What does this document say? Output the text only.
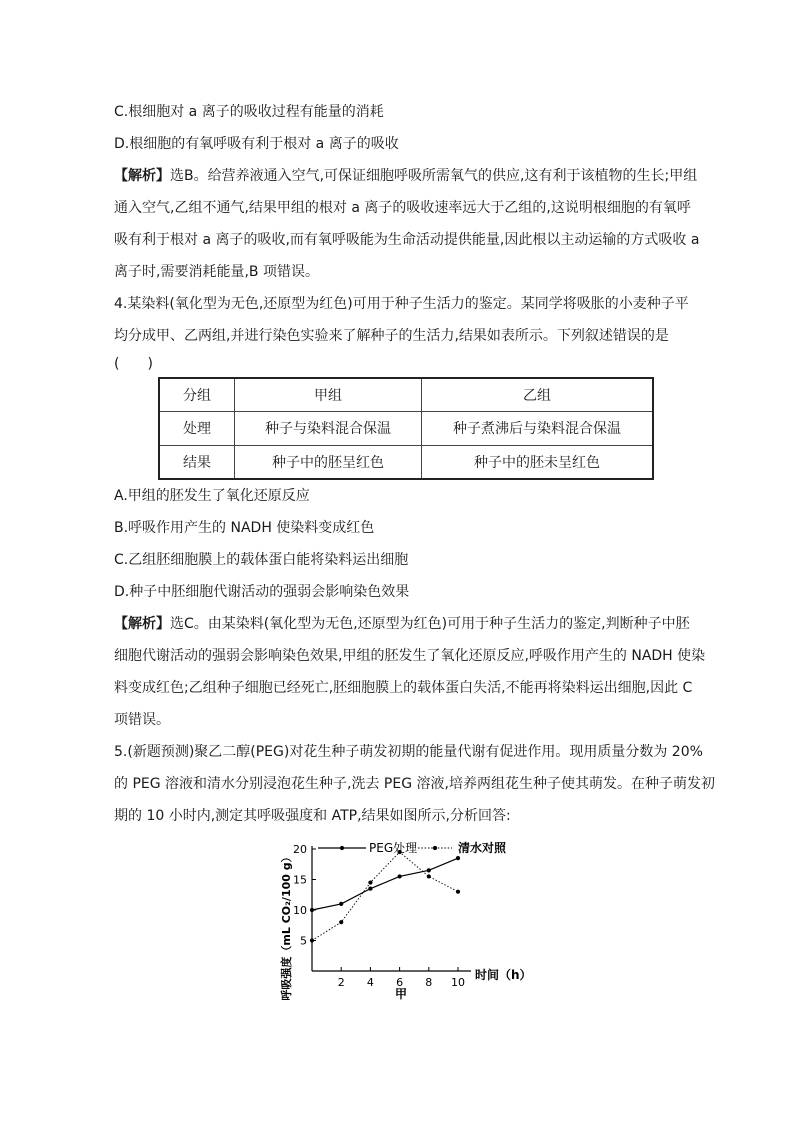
C.根细胞对 a 离子的吸收过程有能量的消耗
D.根细胞的有氧呼吸有利于根对 a 离子的吸收
【解析】选B。给营养液通入空气,可保证细胞呼吸所需氧气的供应,这有利于该植物的生长;甲组
通入空气,乙组不通气,结果甲组的根对 a 离子的吸收速率远大于乙组的,这说明根细胞的有氧呼
吸有利于根对 a 离子的吸收,而有氧呼吸能为生命活动提供能量,因此根以主动运输的方式吸收 a
离子时,需要消耗能量,B 项错误。
4.某染料(氧化型为无色,还原型为红色)可用于种子生活力的鉴定。某同学将吸胀的小麦种子平
均分成甲、乙两组,并进行染色实验来了解种子的生活力,结果如表所示。下列叙述错误的是
(　　)
分组	甲组	乙组
处理	种子与染料混合保温	种子煮沸后与染料混合保温
结果	种子中的胚呈红色	种子中的胚未呈红色
A.甲组的胚发生了氧化还原反应
B.呼吸作用产生的 NADH 使染料变成红色
C.乙组胚细胞膜上的载体蛋白能将染料运出细胞
D.种子中胚细胞代谢活动的强弱会影响染色效果
【解析】选C。由某染料(氧化型为无色,还原型为红色)可用于种子生活力的鉴定,判断种子中胚
细胞代谢活动的强弱会影响染色效果,甲组的胚发生了氧化还原反应,呼吸作用产生的 NADH 使染
料变成红色;乙组种子细胞已经死亡,胚细胞膜上的载体蛋白失活,不能再将染料运出细胞,因此 C
项错误。
5.(新题预测)聚乙二醇(PEG)对花生种子萌发初期的能量代谢有促进作用。现用质量分数为 20%
的 PEG 溶液和清水分别浸泡花生种子,洗去 PEG 溶液,培养两组花生种子使其萌发。在种子萌发初
期的 10 小时内,测定其呼吸强度和 ATP,结果如图所示,分析回答:
5
10
15
20
2 4 6 8 10
PEG处理	清水对照
呼吸强度（mL CO₂/100 g）	时间（h）
甲
